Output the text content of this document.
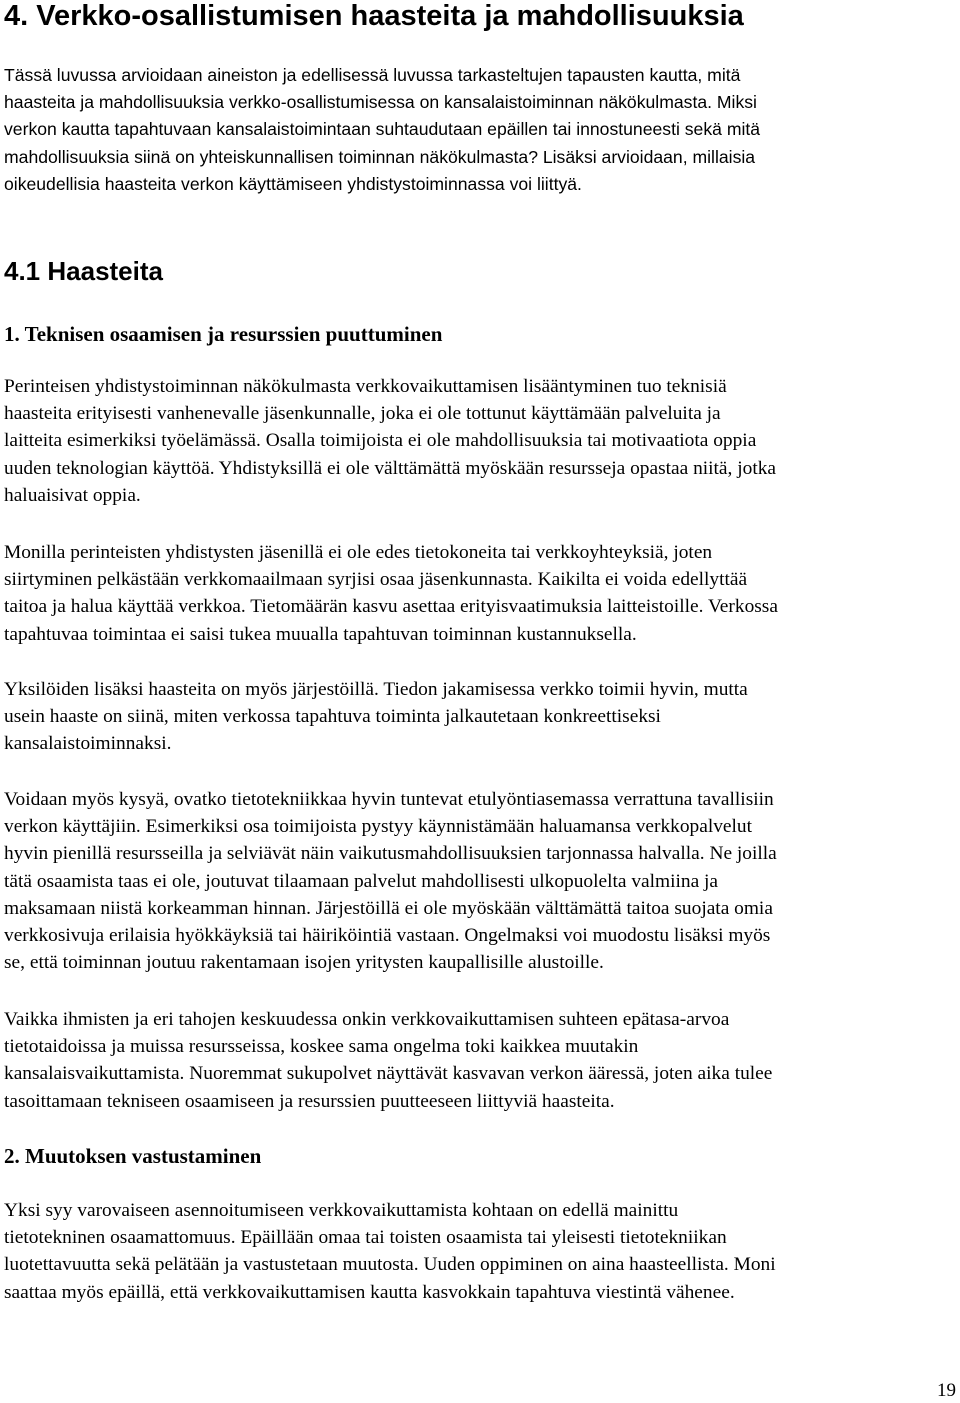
4. Verkko-osallistumisen haasteita ja mahdollisuuksia

Tässä luvussa arvioidaan aineiston ja edellisessä luvussa tarkasteltujen tapausten kautta, mitä
haasteita ja mahdollisuuksia verkko-osallistumisessa on kansalaistoiminnan näkökulmasta. Miksi
verkon kautta tapahtuvaan kansalaistoimintaan suhtaudutaan epäillen tai innostuneesti sekä mitä
mahdollisuuksia siinä on yhteiskunnallisen toiminnan näkökulmasta? Lisäksi arvioidaan, millaisia
oikeudellisia haasteita verkon käyttämiseen yhdistystoiminnassa voi liittyä.

4.1 Haasteita
1. Teknisen osaamisen ja resurssien puuttuminen

Perinteisen yhdistystoiminnan näkökulmasta verkkovaikuttamisen lisääntyminen tuo teknisiä
haasteita erityisesti vanhenevalle jäsenkunnalle, joka ei ole tottunut käyttämään palveluita ja
laitteita esimerkiksi työelämässä. Osalla toimijoista ei ole mahdollisuuksia tai motivaatiota oppia
uuden teknologian käyttöä. Yhdistyksillä ei ole välttämättä myöskään resursseja opastaa niitä, jotka
haluaisivat oppia.

Monilla perinteisten yhdistysten jäsenillä ei ole edes tietokoneita tai verkkoyhteyksiä, joten
siirtyminen pelkästään verkkomaailmaan syrjisi osaa jäsenkunnasta. Kaikilta ei voida edellyttää
taitoa ja halua käyttää verkkoa. Tietomäärän kasvu asettaa erityisvaatimuksia laitteistoille. Verkossa
tapahtuvaa toimintaa ei saisi tukea muualla tapahtuvan toiminnan kustannuksella.

Yksilöiden lisäksi haasteita on myös järjestöillä. Tiedon jakamisessa verkko toimii hyvin, mutta
usein haaste on siinä, miten verkossa tapahtuva toiminta jalkautetaan konkreettiseksi
kansalaistoiminnaksi.

Voidaan myös kysyä, ovatko tietotekniikkaa hyvin tuntevat etulyöntiasemassa verrattuna tavallisiin
verkon käyttäjiin. Esimerkiksi osa toimijoista pystyy käynnistämään haluamansa verkkopalvelut
hyvin pienillä resursseilla ja selviävät näin vaikutusmahdollisuuksien tarjonnassa halvalla. Ne joilla
tätä osaamista taas ei ole, joutuvat tilaamaan palvelut mahdollisesti ulkopuolelta valmiina ja
maksamaan niistä korkeamman hinnan. Järjestöillä ei ole myöskään välttämättä taitoa suojata omia
verkkosivuja erilaisia hyökkäyksiä tai häiriköintiä vastaan. Ongelmaksi voi muodostu lisäksi myös
se, että toiminnan joutuu rakentamaan isojen yritysten kaupallisille alustoille.

Vaikka ihmisten ja eri tahojen keskuudessa onkin verkkovaikuttamisen suhteen epätasa-arvoa
tietotaidoissa ja muissa resursseissa, koskee sama ongelma toki kaikkea muutakin
kansalaisvaikuttamista. Nuoremmat sukupolvet näyttävät kasvavan verkon ääressä, joten aika tulee
tasoittamaan tekniseen osaamiseen ja resurssien puutteeseen liittyviä haasteita.

2. Muutoksen vastustaminen

Yksi syy varovaiseen asennoitumiseen verkkovaikuttamista kohtaan on edellä mainittu
tietotekninen osaamattomuus. Epäillään omaa tai toisten osaamista tai yleisesti tietotekniikan
luotettavuutta sekä pelätään ja vastustetaan muutosta. Uuden oppiminen on aina haasteellista. Moni
saattaa myös epäillä, että verkkovaikuttamisen kautta kasvokkain tapahtuva viestintä vähenee.

19
